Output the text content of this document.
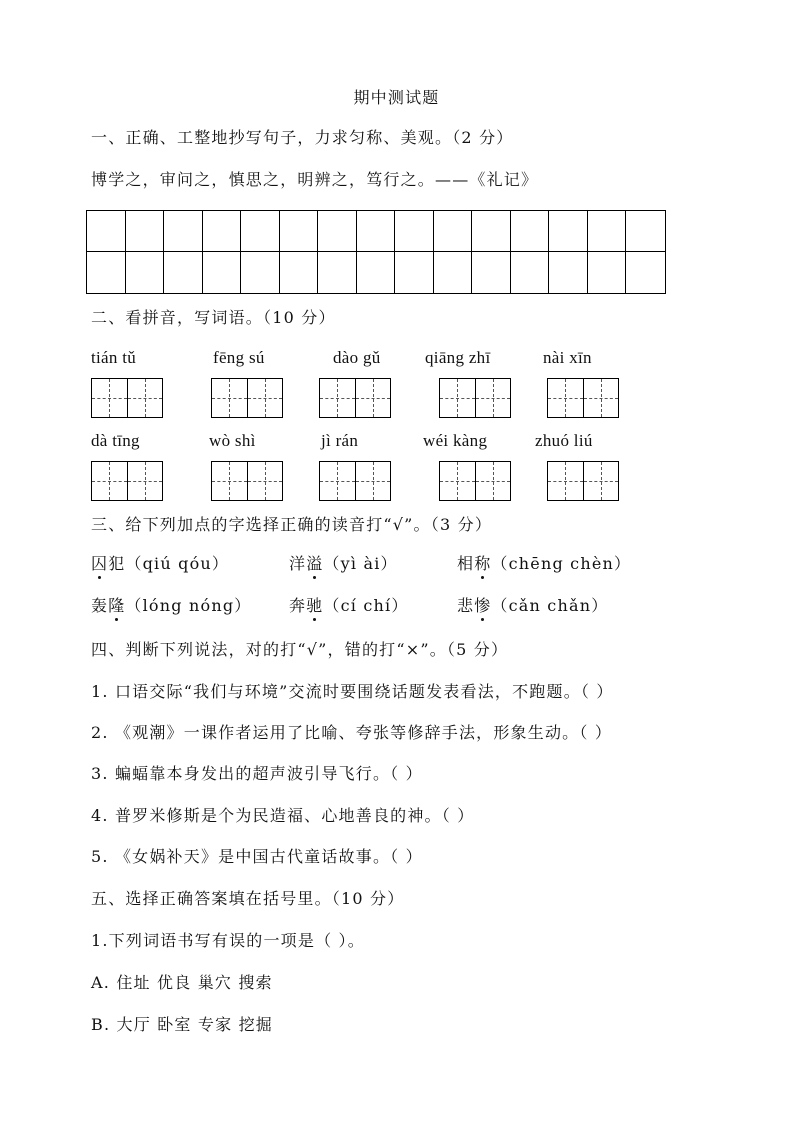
期中测试题
一、正确、工整地抄写句子，力求匀称、美观。（2 分）
博学之，审问之，慎思之，明辨之，笃行之。——《礼记》
二、看拼音，写词语。（10 分）
tián tǔ	fēng sú	dào gǔ	qiāng zhī	nài xīn
dà tīng	wò shì	jì rán	wéi kàng	zhuó liú
三、给下列加点的字选择正确的读音打“√”。（3 分）
囚犯（qiú qóu）	洋溢（yì ài）	相称（chēng chèn）
轰隆（lóng nóng） 奔驰（cí chí）	悲惨（cǎn chǎn）
四、判断下列说法，对的打“√”，错的打“×”。（5 分）
1. 口语交际“我们与环境”交流时要围绕话题发表看法，不跑题。（ ）
2. 《观潮》一课作者运用了比喻、夸张等修辞手法，形象生动。（ ）
3. 蝙蝠靠本身发出的超声波引导飞行。（ ）
4. 普罗米修斯是个为民造福、心地善良的神。（ ）
5. 《女娲补天》是中国古代童话故事。（ ）
五、选择正确答案填在括号里。（10 分）
1.下列词语书写有误的一项是（ ）。
A. 住址 优良 巢穴 搜索
B. 大厅 卧室 专家 挖掘
